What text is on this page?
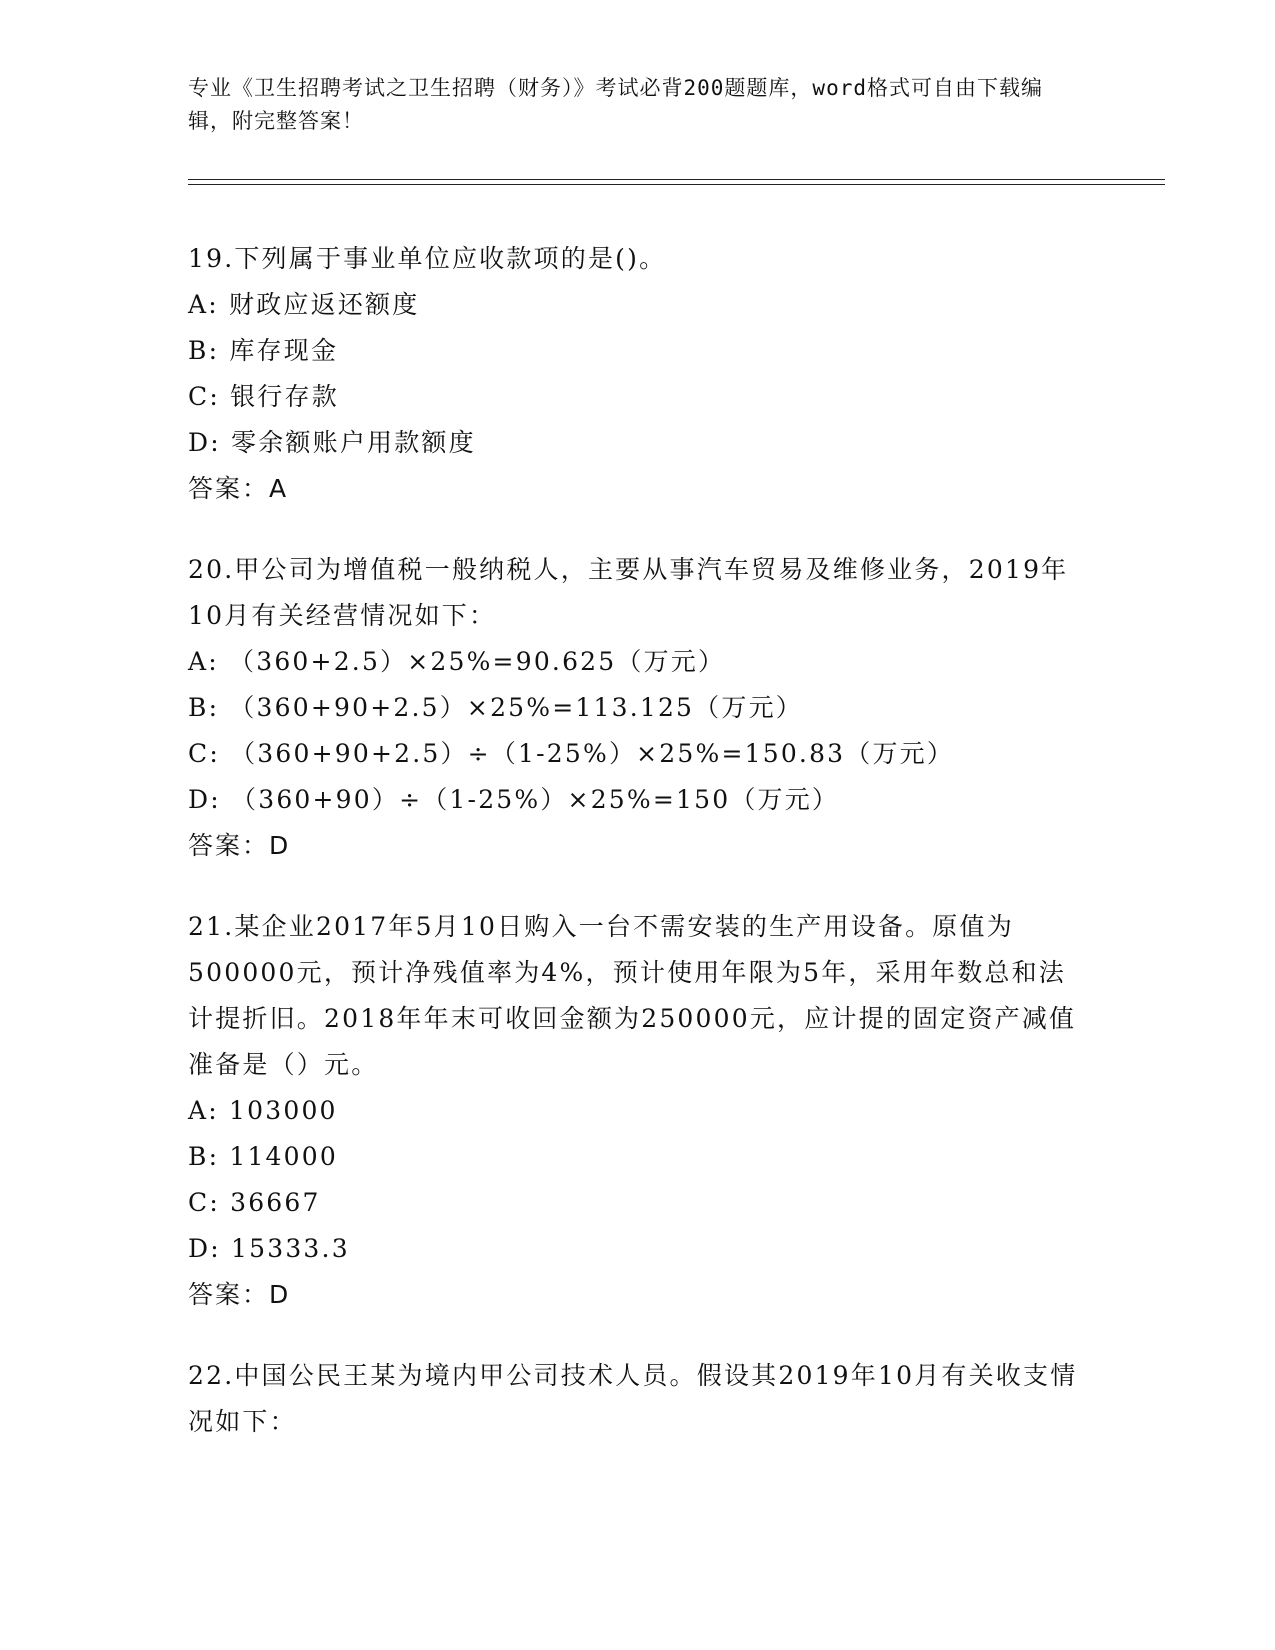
专业《卫生招聘考试之卫生招聘（财务）》考试必背200题题库，word格式可自由下载编辑，附完整答案！
19.下列属于事业单位应收款项的是()。
A: 财政应返还额度
B: 库存现金
C: 银行存款
D: 零余额账户用款额度
答案：A
20.甲公司为增值税一般纳税人，主要从事汽车贸易及维修业务，2019年10月有关经营情况如下：
A: （360+2.5）×25%=90.625（万元）
B: （360+90+2.5）×25%=113.125（万元）
C: （360+90+2.5）÷（1-25%）×25%=150.83（万元）
D: （360+90）÷（1-25%）×25%=150（万元）
答案：D
21.某企业2017年5月10日购入一台不需安装的生产用设备。原值为500000元，预计净残值率为4%，预计使用年限为5年，采用年数总和法计提折旧。2018年年末可收回金额为250000元，应计提的固定资产减值准备是（）元。
A: 103000
B: 114000
C: 36667
D: 15333.3
答案：D
22.中国公民王某为境内甲公司技术人员。假设其2019年10月有关收支情况如下：
